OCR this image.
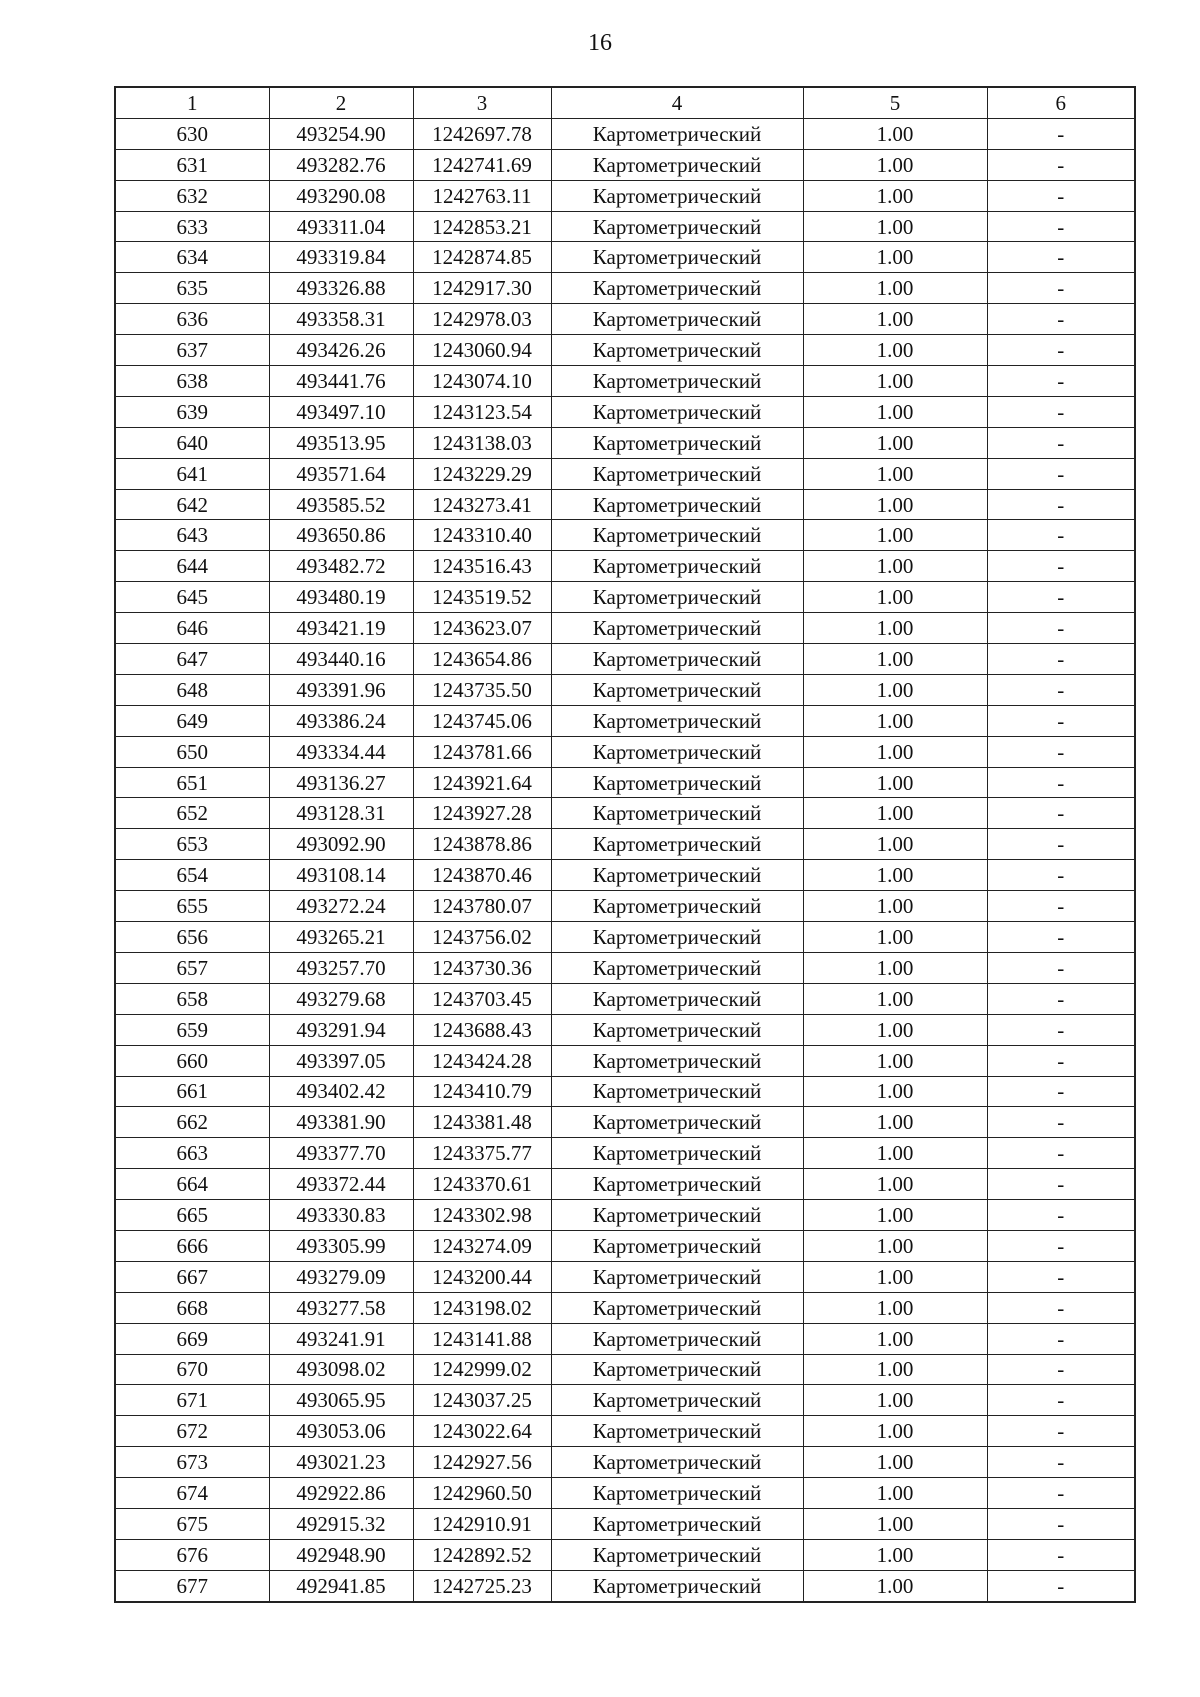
16
1	2	3	4	5	6
630	493254.90	1242697.78	Картометрический	1.00	-
631	493282.76	1242741.69	Картометрический	1.00	-
632	493290.08	1242763.11	Картометрический	1.00	-
633	493311.04	1242853.21	Картометрический	1.00	-
634	493319.84	1242874.85	Картометрический	1.00	-
635	493326.88	1242917.30	Картометрический	1.00	-
636	493358.31	1242978.03	Картометрический	1.00	-
637	493426.26	1243060.94	Картометрический	1.00	-
638	493441.76	1243074.10	Картометрический	1.00	-
639	493497.10	1243123.54	Картометрический	1.00	-
640	493513.95	1243138.03	Картометрический	1.00	-
641	493571.64	1243229.29	Картометрический	1.00	-
642	493585.52	1243273.41	Картометрический	1.00	-
643	493650.86	1243310.40	Картометрический	1.00	-
644	493482.72	1243516.43	Картометрический	1.00	-
645	493480.19	1243519.52	Картометрический	1.00	-
646	493421.19	1243623.07	Картометрический	1.00	-
647	493440.16	1243654.86	Картометрический	1.00	-
648	493391.96	1243735.50	Картометрический	1.00	-
649	493386.24	1243745.06	Картометрический	1.00	-
650	493334.44	1243781.66	Картометрический	1.00	-
651	493136.27	1243921.64	Картометрический	1.00	-
652	493128.31	1243927.28	Картометрический	1.00	-
653	493092.90	1243878.86	Картометрический	1.00	-
654	493108.14	1243870.46	Картометрический	1.00	-
655	493272.24	1243780.07	Картометрический	1.00	-
656	493265.21	1243756.02	Картометрический	1.00	-
657	493257.70	1243730.36	Картометрический	1.00	-
658	493279.68	1243703.45	Картометрический	1.00	-
659	493291.94	1243688.43	Картометрический	1.00	-
660	493397.05	1243424.28	Картометрический	1.00	-
661	493402.42	1243410.79	Картометрический	1.00	-
662	493381.90	1243381.48	Картометрический	1.00	-
663	493377.70	1243375.77	Картометрический	1.00	-
664	493372.44	1243370.61	Картометрический	1.00	-
665	493330.83	1243302.98	Картометрический	1.00	-
666	493305.99	1243274.09	Картометрический	1.00	-
667	493279.09	1243200.44	Картометрический	1.00	-
668	493277.58	1243198.02	Картометрический	1.00	-
669	493241.91	1243141.88	Картометрический	1.00	-
670	493098.02	1242999.02	Картометрический	1.00	-
671	493065.95	1243037.25	Картометрический	1.00	-
672	493053.06	1243022.64	Картометрический	1.00	-
673	493021.23	1242927.56	Картометрический	1.00	-
674	492922.86	1242960.50	Картометрический	1.00	-
675	492915.32	1242910.91	Картометрический	1.00	-
676	492948.90	1242892.52	Картометрический	1.00	-
677	492941.85	1242725.23	Картометрический	1.00	-
